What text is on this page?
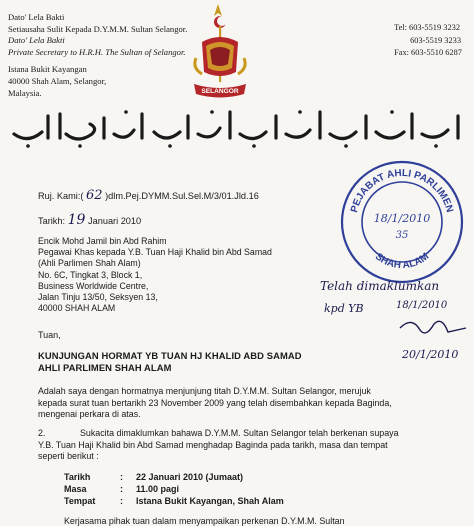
Dato' Lela Bakti
Setiausaha Sulit Kepada D.Y.M.M. Sultan Selangor.
Dato' Lela Bakti
Private Secretary to H.R.H. The Sultan of Selangor.
Istana Bukit Kayangan
40000 Shah Alam, Selangor,
Malaysia.	SELANGOR
Tel: 603-5519 3232
603-5519 3233
Fax: 603-5510 6287
PEJABAT AHLI PARLIMEN
SHAH ALAM
18/1/2010
35
Ruj. Kami:( 62 )dlm.Pej.DYMM.Sul.Sel.M/3/01.Jld.16
Tarikh: 19 Januari 2010
Encik Mohd Jamil bin Abd Rahim
Pegawai Khas kepada Y.B. Tuan Haji Khalid bin Abd Samad
(Ahli Parlimen Shah Alam)
No. 6C, Tingkat 3, Block 1,
Business Worldwide Centre,
Jalan Tinju 13/50, Seksyen 13,
40000 SHAH ALAM
Telah dimaklumkan
kpd YB	18/1/2010
20/1/2010
Tuan,
KUNJUNGAN HORMAT YB TUAN HJ KHALID ABD SAMAD
AHLI PARLIMEN SHAH ALAM
Adalah saya dengan hormatnya menjunjung titah D.Y.M.M. Sultan Selangor, merujuk
kepada surat tuan bertarikh 23 November 2009 yang telah disembahkan kepada Baginda,
mengenai perkara di atas.
2.	Sukacita dimaklumkan bahawa D.Y.M.M. Sultan Selangor telah berkenan supaya
Y.B. Tuan Haji Khalid bin Abd Samad menghadap Baginda pada tarikh, masa dan tempat
seperti berikut :
Tarikh	:	22 Januari 2010 (Jumaat)
Masa	:	11.00 pagi
Tempat	:	Istana Bukit Kayangan, Shah Alam
Kerjasama pihak tuan dalam menyampaikan perkenan D.Y.M.M. Sultan
